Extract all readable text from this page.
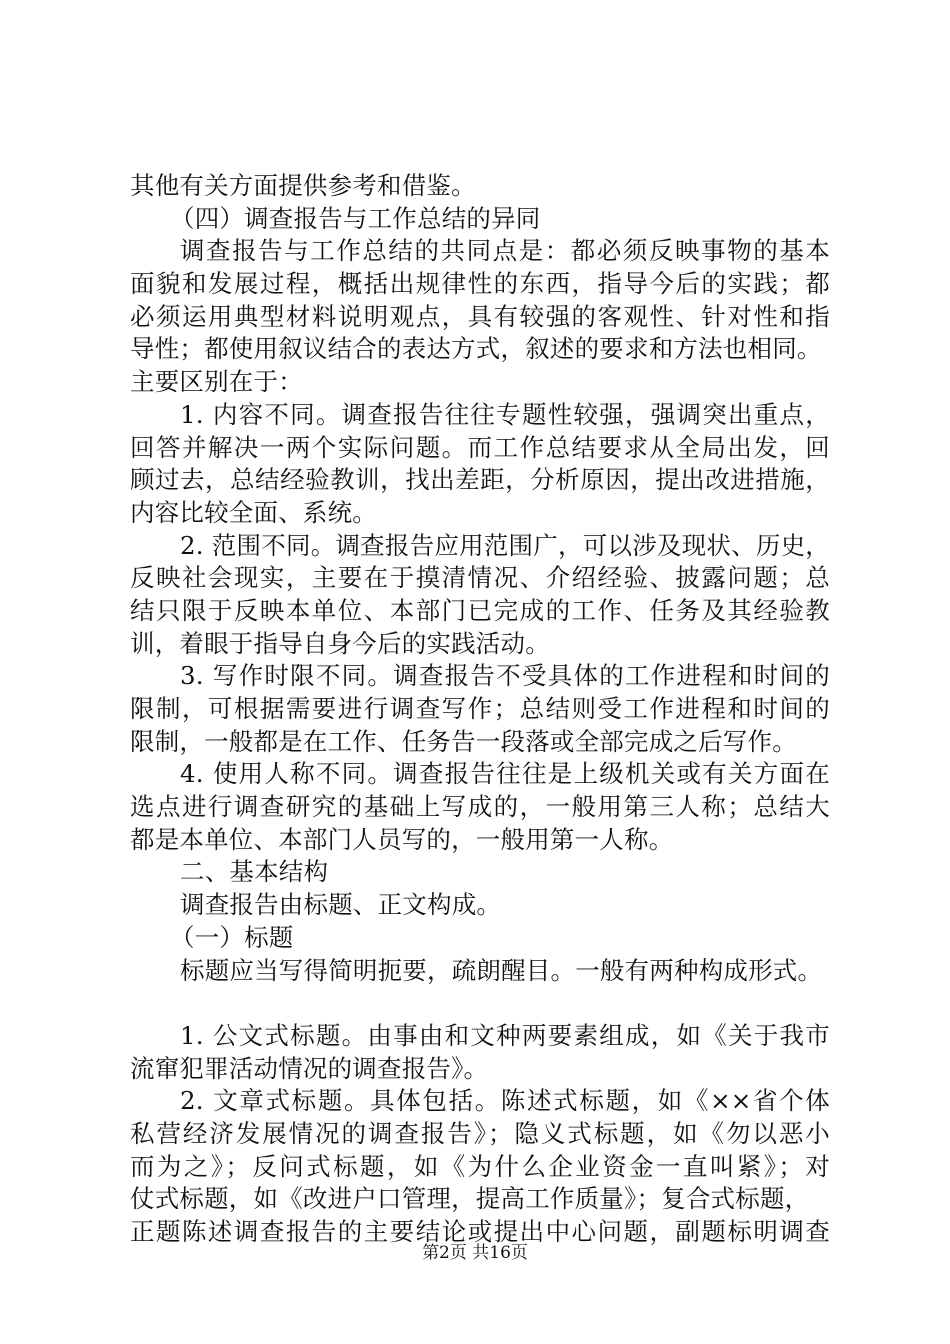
其他有关方面提供参考和借鉴。
（四）调查报告与工作总结的异同
调查报告与工作总结的共同点是：都必须反映事物的基本
面貌和发展过程，概括出规律性的东西，指导今后的实践；都
必须运用典型材料说明观点，具有较强的客观性、针对性和指
导性；都使用叙议结合的表达方式，叙述的要求和方法也相同。
主要区别在于：
1. 内容不同。调查报告往往专题性较强，强调突出重点，
回答并解决一两个实际问题。而工作总结要求从全局出发，回
顾过去，总结经验教训，找出差距，分析原因，提出改进措施，
内容比较全面、系统。
2. 范围不同。调查报告应用范围广，可以涉及现状、历史，
反映社会现实，主要在于摸清情况、介绍经验、披露问题；总
结只限于反映本单位、本部门已完成的工作、任务及其经验教
训，着眼于指导自身今后的实践活动。
3. 写作时限不同。调查报告不受具体的工作进程和时间的
限制，可根据需要进行调查写作；总结则受工作进程和时间的
限制，一般都是在工作、任务告一段落或全部完成之后写作。
4. 使用人称不同。调查报告往往是上级机关或有关方面在
选点进行调查研究的基础上写成的，一般用第三人称；总结大
都是本单位、本部门人员写的，一般用第一人称。
二、基本结构
调查报告由标题、正文构成。
（一）标题
标题应当写得简明扼要，疏朗醒目。一般有两种构成形式。
1. 公文式标题。由事由和文种两要素组成，如《关于我市
流窜犯罪活动情况的调查报告》。
2. 文章式标题。具体包括。陈述式标题，如《××省个体
私营经济发展情况的调查报告》；隐义式标题，如《勿以恶小
而为之》；反问式标题，如《为什么企业资金一直叫紧》；对
仗式标题，如《改进户口管理，提高工作质量》；复合式标题，
正题陈述调查报告的主要结论或提出中心问题，副题标明调查
第2页 共16页
